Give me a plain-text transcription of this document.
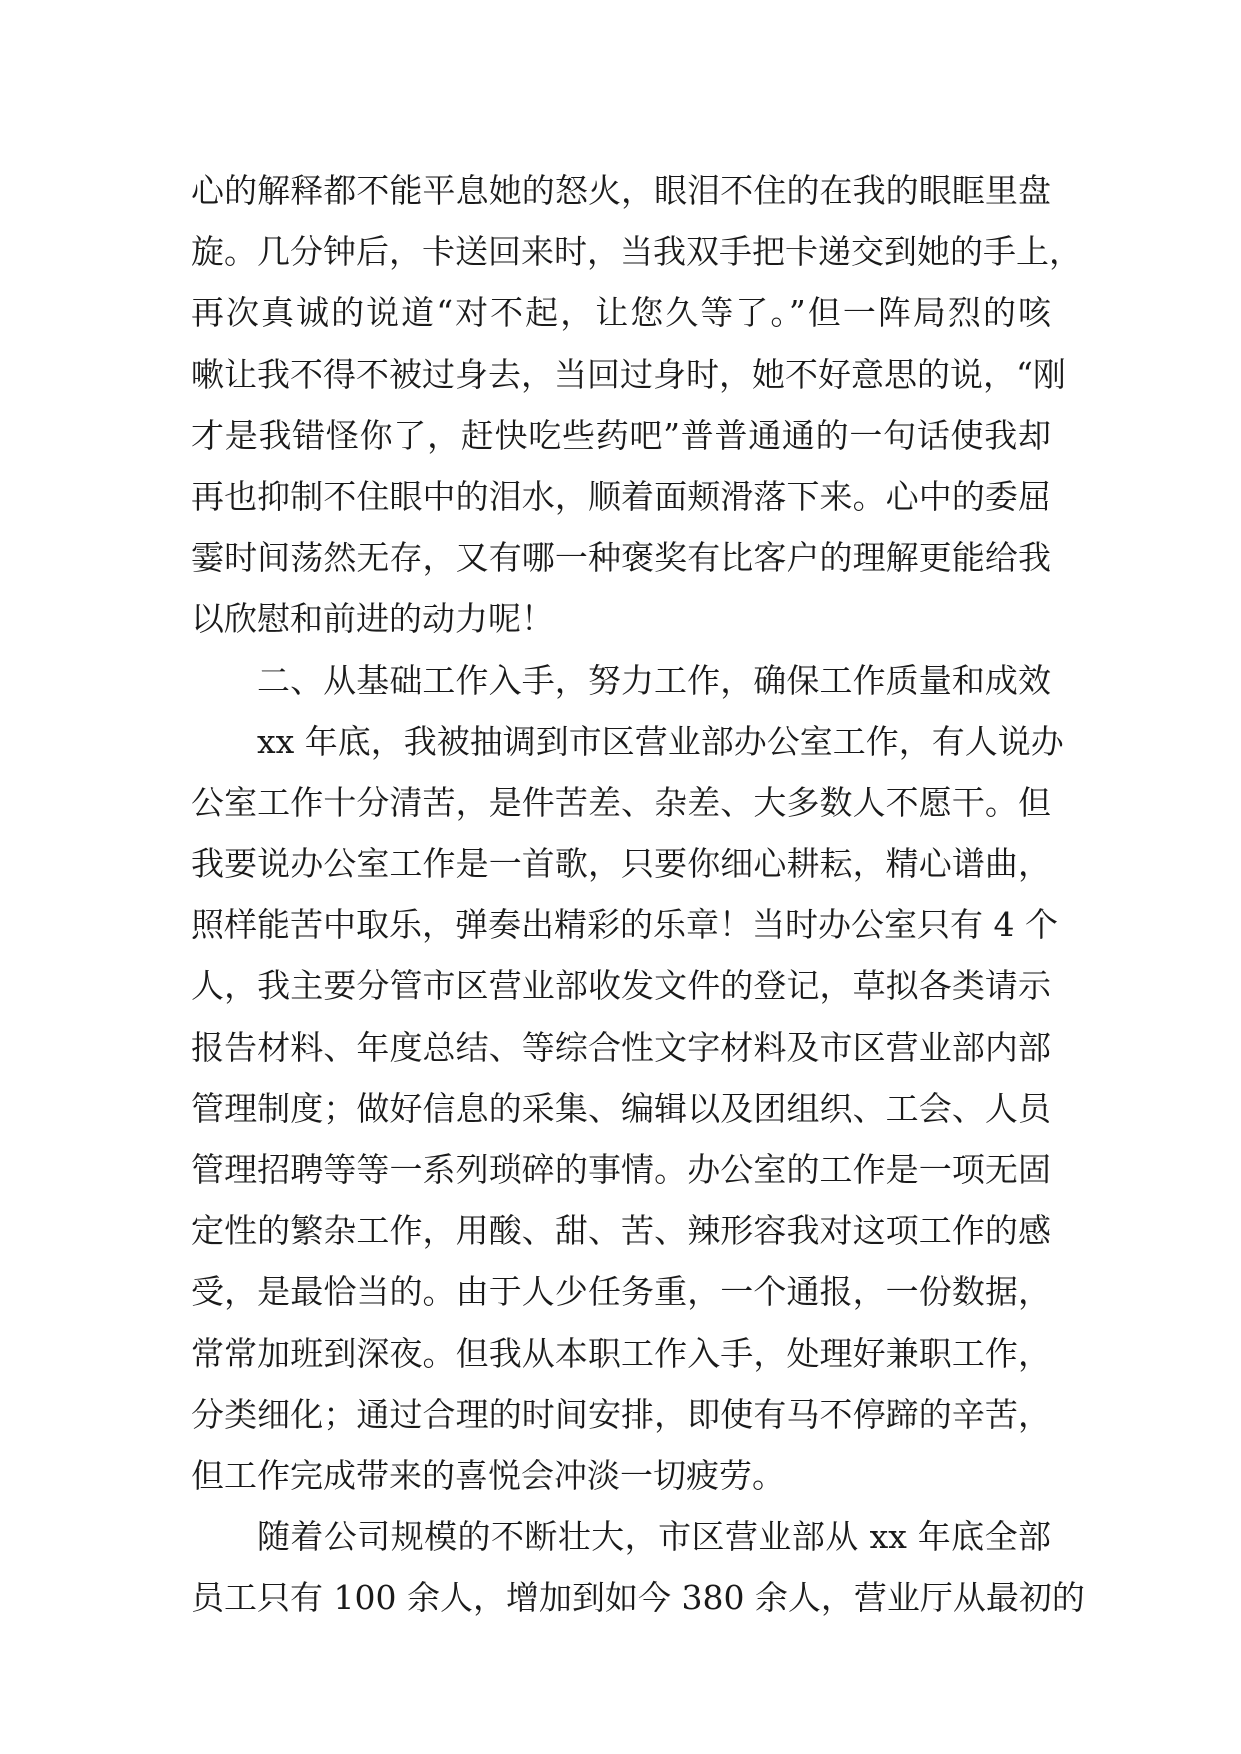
心的解释都不能平息她的怒火，眼泪不住的在我的眼眶里盘
旋。几分钟后，卡送回来时，当我双手把卡递交到她的手上，
再次真诚的说道“对不起，让您久等了。”但一阵局烈的咳
嗽让我不得不被过身去，当回过身时，她不好意思的说，“刚
才是我错怪你了，赶快吃些药吧”普普通通的一句话使我却
再也抑制不住眼中的泪水，顺着面颊滑落下来。心中的委屈
霎时间荡然无存，又有哪一种褒奖有比客户的理解更能给我
以欣慰和前进的动力呢！
二、从基础工作入手，努力工作，确保工作质量和成效
xx 年底，我被抽调到市区营业部办公室工作，有人说办
公室工作十分清苦，是件苦差、杂差、大多数人不愿干。但
我要说办公室工作是一首歌，只要你细心耕耘，精心谱曲，
照样能苦中取乐，弹奏出精彩的乐章！当时办公室只有 4 个
人，我主要分管市区营业部收发文件的登记，草拟各类请示
报告材料、年度总结、等综合性文字材料及市区营业部内部
管理制度；做好信息的采集、编辑以及团组织、工会、人员
管理招聘等等一系列琐碎的事情。办公室的工作是一项无固
定性的繁杂工作，用酸、甜、苦、辣形容我对这项工作的感
受，是最恰当的。由于人少任务重，一个通报，一份数据，
常常加班到深夜。但我从本职工作入手，处理好兼职工作，
分类细化；通过合理的时间安排，即使有马不停蹄的辛苦，
但工作完成带来的喜悦会冲淡一切疲劳。
随着公司规模的不断壮大，市区营业部从 xx 年底全部
员工只有 100 余人，增加到如今 380 余人，营业厅从最初的
